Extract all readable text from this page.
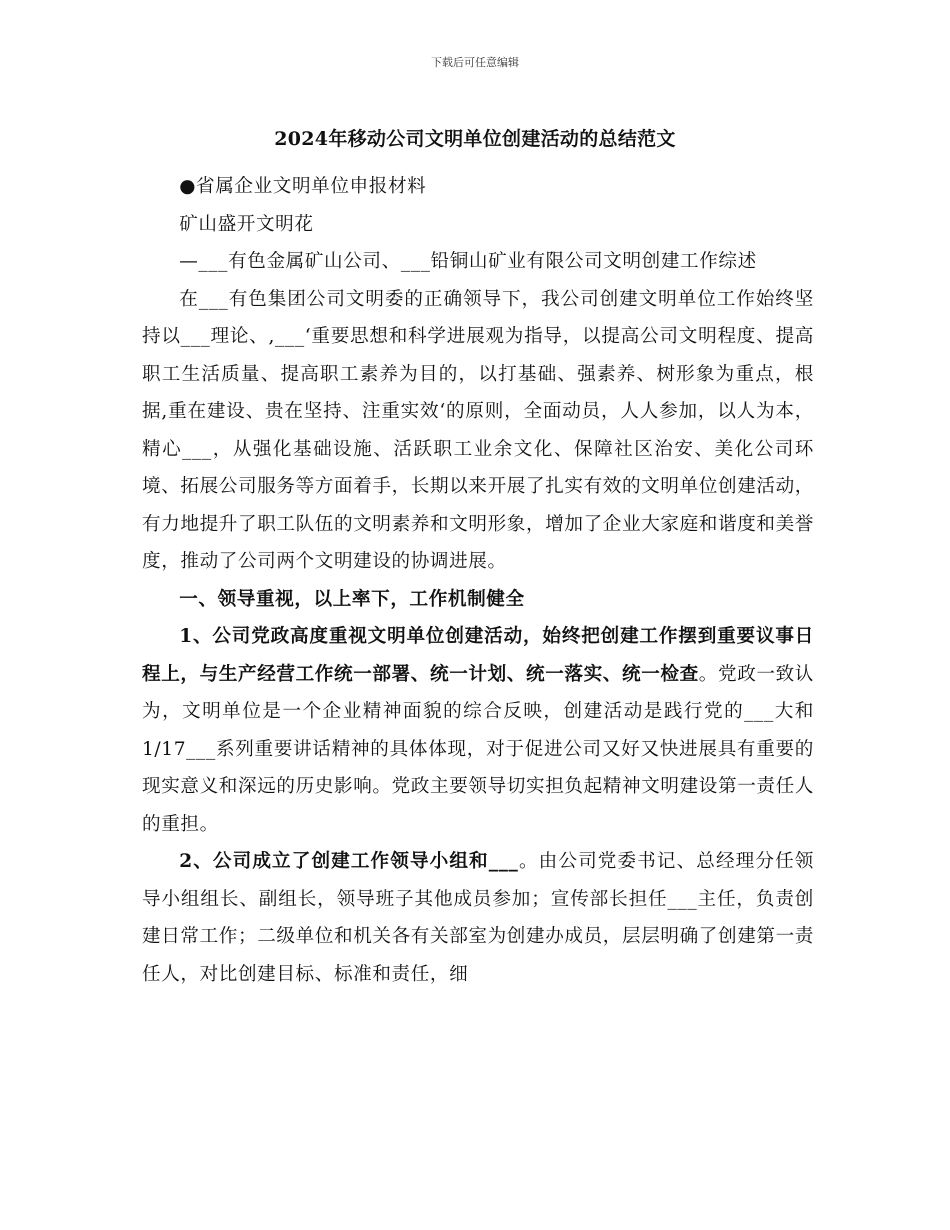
下载后可任意编辑
2024年移动公司文明单位创建活动的总结范文

●省属企业文明单位申报材料

矿山盛开文明花

—___有色金属矿山公司、___铅铜山矿业有限公司文明创建工作综述

在___有色集团公司文明委的正确领导下，我公司创建文明单位工作始终坚持以___理论、,___‘重要思想和科学进展观为指导，以提高公司文明程度、提高职工生活质量、提高职工素养为目的，以打基础、强素养、树形象为重点，根据,重在建设、贵在坚持、注重实效‘的原则，全面动员，人人参加，以人为本，精心___，从强化基础设施、活跃职工业余文化、保障社区治安、美化公司环境、拓展公司服务等方面着手，长期以来开展了扎实有效的文明单位创建活动，有力地提升了职工队伍的文明素养和文明形象，增加了企业大家庭和谐度和美誉度，推动了公司两个文明建设的协调进展。

一、领导重视，以上率下，工作机制健全

1、公司党政高度重视文明单位创建活动，始终把创建工作摆到重要议事日程上，与生产经营工作统一部署、统一计划、统一落实、统一检查。党政一致认为，文明单位是一个企业精神面貌的综合反映，创建活动是践行党的___大和1/17___系列重要讲话精神的具体体现，对于促进公司又好又快进展具有重要的现实意义和深远的历史影响。党政主要领导切实担负起精神文明建设第一责任人的重担。

2、公司成立了创建工作领导小组和___。由公司党委书记、总经理分任领导小组组长、副组长，领导班子其他成员参加；宣传部长担任___主任，负责创建日常工作；二级单位和机关各有关部室为创建办成员，层层明确了创建第一责任人，对比创建目标、标准和责任，细
